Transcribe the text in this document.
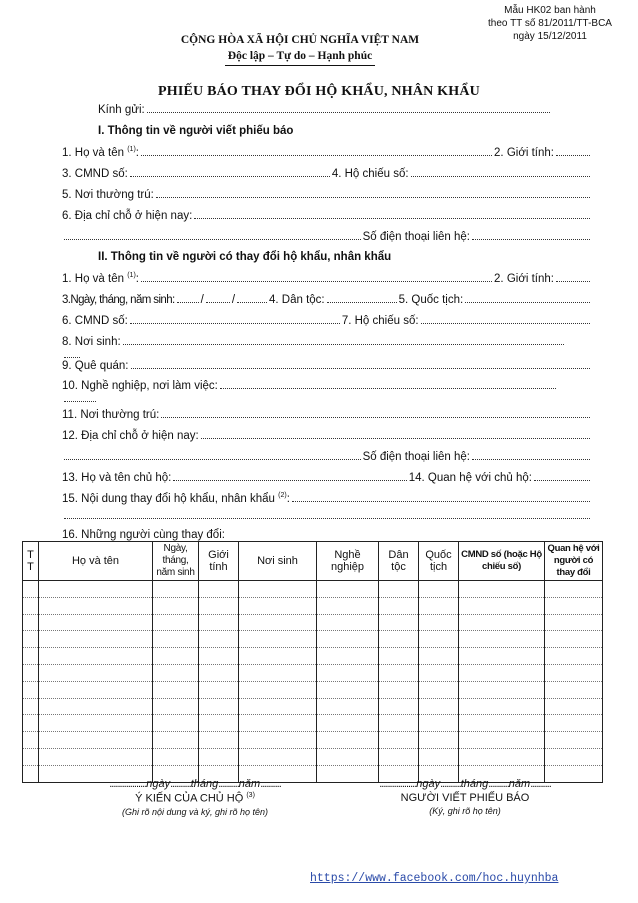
CỘNG HÒA XÃ HỘI CHỦ NGHĨA VIỆT NAM
Độc lập – Tự do – Hạnh phúc
Mẫu HK02 ban hành
theo TT số 81/2011/TT-BCA
ngày 15/12/2011
PHIẾU BÁO THAY ĐỔI HỘ KHẨU, NHÂN KHẨU
Kính gửi:
I. Thông tin về người viết phiếu báo
1. Họ và tên $^{(1)}$:	2. Giới tính:
3. CMND số:	4. Hộ chiếu số:
5. Nơi thường trú:
6. Địa chỉ chỗ ở hiện nay:
Số điện thoại liên hệ:
II. Thông tin về người có thay đổi hộ khẩu, nhân khẩu
1. Họ và tên $^{(1)}$:	2. Giới tính:
3.Ngày, tháng, năm sinh: / /	4. Dân tộc:	5. Quốc tịch:
6. CMND số:	7. Hộ chiếu số:
8. Nơi sinh:
9. Quê quán:
10. Nghề nghiệp, nơi làm việc:
11. Nơi thường trú:
12. Địa chỉ chỗ ở hiện nay:
Số điện thoại liên hệ:
13. Họ và tên chủ hộ:	14. Quan hệ với chủ hộ:
15. Nội dung thay đổi hộ khẩu, nhân khẩu $^{(2)}$:
16. Những người cùng thay đổi:
T T	Họ và tên	Ngày, tháng, năm sinh	Giới tính	Nơi sinh	Nghề nghiệp	Dân tộc	Quốc tịch	CMND số (hoặc Hộ chiếu số)	Quan hệ với người có thay đổi

..................ngày..........tháng..........năm..........
Ý KIẾN CỦA CHỦ HỘ $^{(3)}$
(Ghi rõ nội dung và ký, ghi rõ họ tên)
..................ngày..........tháng..........năm..........
NGƯỜI VIẾT PHIẾU BÁO
(Ký, ghi rõ họ tên)
https://www.facebook.com/hoc.huynhba
